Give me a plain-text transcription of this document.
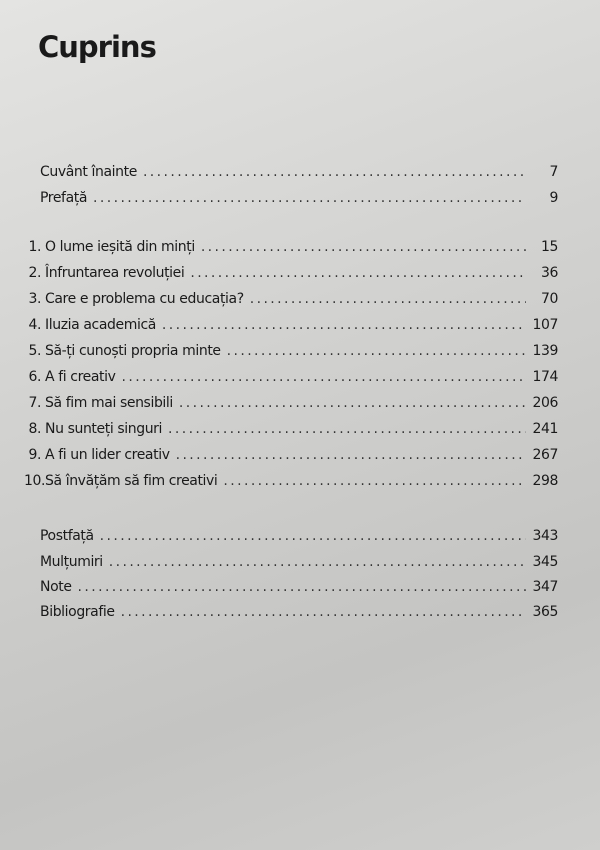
Cuprins
Cuvânt înainte .....	7
Prefață .....	9
1. O lume ieșită din minți .....	15
2. Înfruntarea revoluției .....	36
3. Care e problema cu educația? .....	70
4. Iluzia academică .....	107
5. Să-ți cunoști propria minte .....	139
6. A fi creativ .....	174
7. Să fim mai sensibili .....	206
8. Nu sunteți singuri .....	241
9. A fi un lider creativ .....	267
10. Să învățăm să fim creativi .....	298
Postfață .....	343
Mulțumiri .....	345
Note .....	347
Bibliografie .....	365
